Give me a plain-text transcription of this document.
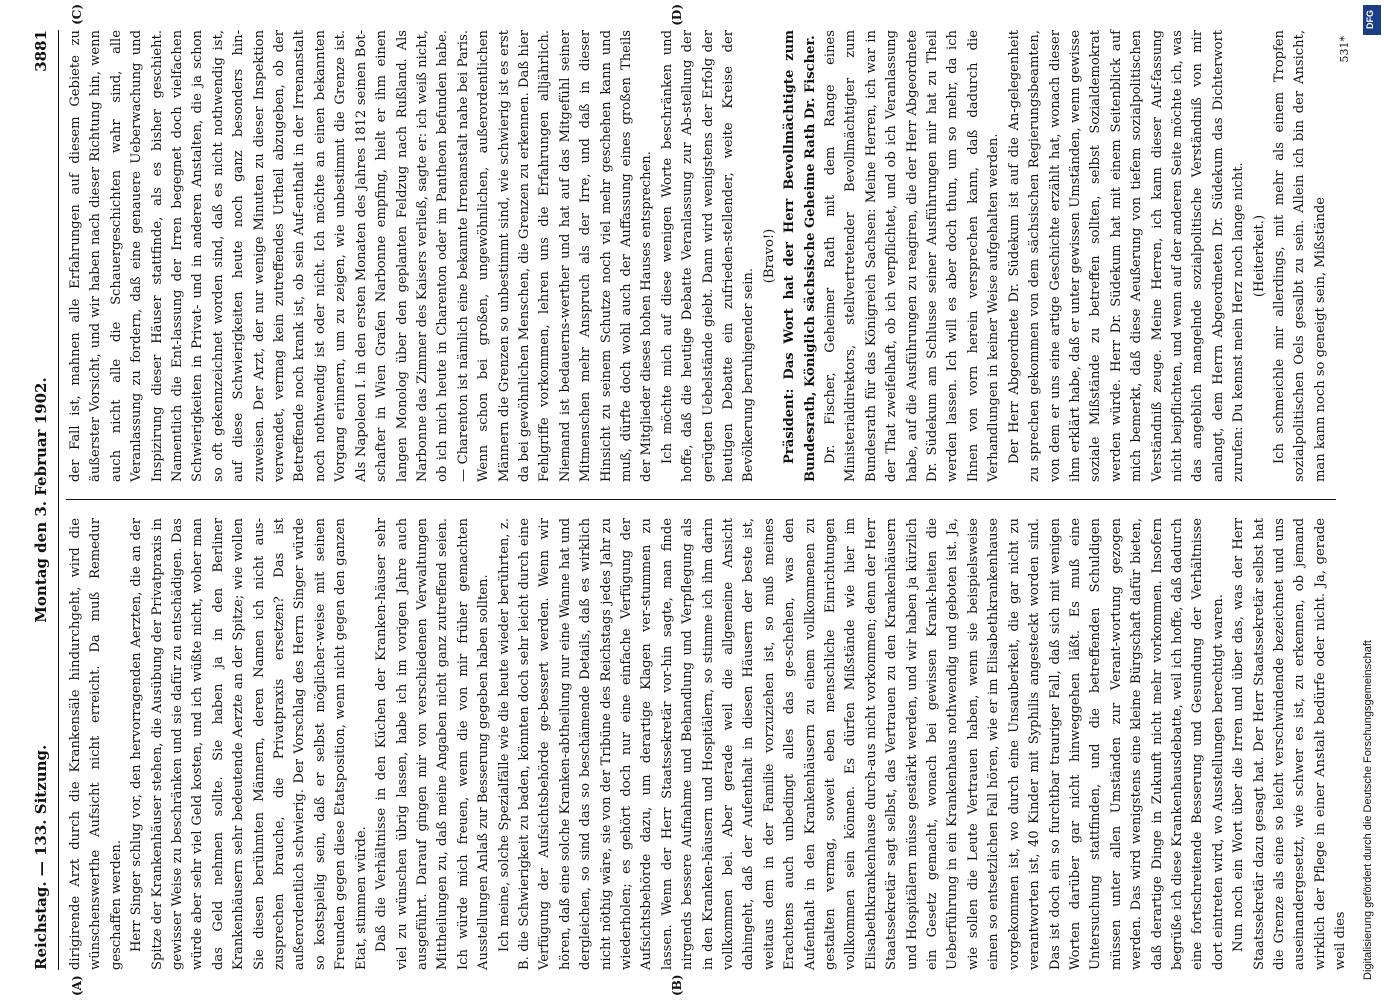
Reichstag. — 133. Sitzung.
Montag den 3. Februar 1902.
3881

dirigirende Arzt durch die Krankensäle hindurchgeht, wird die wünschenswerthe Aufsicht nicht erreicht. Da muß Remedur geschaffen werden. Herr Singer schlug vor, den hervorragenden Aerzten, die an der Spitze der Krankenhäuser stehen, die Ausübung der Privatpraxis in gewisser Weise zu beschränken und sie dafür zu entschädigen. Das würde aber sehr viel Geld kosten, und ich wüßte nicht, woher man das Geld nehmen sollte. Sie haben ja in den Berliner Krankenhäusern sehr bedeutende Aerzte an der Spitze; wie wollen Sie diesen berühmten Männern, deren Namen ich nicht aus-zusprechen brauche, die Privatpraxis ersetzen? Das ist außerordentlich schwierig. Der Vorschlag des Herrn Singer würde so kostspielig sein, daß er selbst möglicher-weise mit seinen Freunden gegen diese Etatsposition, wenn nicht gegen den ganzen Etat, stimmen würde. Daß die Verhältnisse in den Küchen der Kranken-häuser sehr viel zu wünschen übrig lassen, habe ich im vorigen Jahre auch ausgeführt. Darauf gingen mir von verschiedenen Verwaltungen Mittheilungen zu, daß meine Angaben nicht ganz zutreffend seien. Ich würde mich freuen, wenn die von mir früher gemachten Ausstellungen Anlaß zur Besserung gegeben haben sollten. Ich meine, solche Spezialfälle wie die heute wieder berührten, z. B. die Schwierigkeit zu baden, könnten doch sehr leicht durch eine Verfügung der Aufsichtsbehörde ge-bessert werden. Wenn wir hören, daß eine solche Kranken-abtheilung nur eine Wanne hat und dergleichen, so sind das so beschämende Details, daß es wirklich nicht nöthig wäre, sie von der Tribüne des Reichstags jedes Jahr zu wiederholen; es gehört doch nur eine einfache Verfügung der Aufsichtsbehörde dazu, um derartige Klagen ver-stummen zu lassen. Wenn der Herr Staatssekretär vor-hin sagte, man finde nirgends bessere Aufnahme und Behandlung und Verpflegung als in den Kranken-häusern und Hospitälern, so stimme ich ihm darin vollkommen bei. Aber gerade weil die allgemeine Ansicht dahingeht, daß der Aufenthalt in diesen Häusern der beste ist, weitaus dem in der Familie vorzuziehen ist, so muß meines Erachtens auch unbedingt alles das ge-schehen, was den Aufenthalt in den Krankenhäusern zu einem vollkommenen zu gestalten vermag, soweit eben menschliche Einrichtungen vollkommen sein können. Es dürfen Mißstände wie hier im Elisabethkrankenhause durch-aus nicht vorkommen; denn der Herr Staatssekretär sagt selbst, das Vertrauen zu den Krankenhäusern und Hospitälern müsse gestärkt werden, und wir haben ja kürzlich ein Gesetz gemacht, wonach bei gewissen Krank-heiten die Ueberführung in ein Krankenhaus nothwendig und geboten ist. Ja, wie sollen die Leute Vertrauen haben, wenn sie beispielsweise einen so entsetzlichen Fall hören, wie er im Elisabethkrankenhause vorgekommen ist, wo durch eine Unsauberkeit, die gar nicht zu verantworten ist, 40 Kinder mit Syphilis angesteckt worden sind. Das ist doch ein so furchtbar trauriger Fall, daß sich mit wenigen Worten darüber gar nicht hinweggehen läßt. Es muß eine Untersuchung stattfinden, und die betreffenden Schuldigen müssen unter allen Umständen zur Verant-wortung gezogen werden. Das wird wenigstens eine kleine Bürgschaft dafür bieten, daß derartige Dinge in Zukunft nicht mehr vorkommen. Insofern begrüße ich diese Krankenhausdebatte, weil ich hoffe, daß dadurch eine fortschreitende Besserung und Gesundung der Verhältnisse dort eintreten wird, wo Ausstellungen berechtigt waren. Nun noch ein Wort über die Irren und über das, was der Herr Staatssekretär dazu gesagt hat. Der Herr Staatssekretär selbst hat die Grenze als eine so leicht verschwindende bezeichnet und uns auseinandergesetzt, wie schwer es ist, zu erkennen, ob jemand wirklich der Pflege in einer Anstalt bedürfe oder nicht. Ja, gerade weil dies

der Fall ist, mahnen alle Erfahrungen auf diesem Gebiete zu äußerster Vorsicht, und wir haben nach dieser Richtung hin, wenn auch nicht alle die Schauergeschichten wahr sind, alle Veranlassung zu fordern, daß eine genauere Ueberwachung und Inspizirung dieser Häuser stattfinde, als es bisher geschieht. Namentlich die Ent-lassung der Irren begegnet doch vielfachen Schwierigkeiten in Privat- und in anderen Anstalten, die ja schon so oft gekennzeichnet worden sind, daß es nicht nothwendig ist, auf diese Schwierigkeiten heute noch ganz besonders hin-zuweisen. Der Arzt, der nur wenige Minuten zu dieser Inspektion verwendet, vermag kein zutreffendes Urtheil abzugeben, ob der Betreffende noch krank ist, ob sein Auf-enthalt in der Irrenanstalt noch nothwendig ist oder nicht. Ich möchte an einen bekannten Vorgang erinnern, um zu zeigen, wie unbestimmt die Grenze ist. Als Napoleon I. in den ersten Monaten des Jahres 1812 seinen Bot-schafter in Wien Grafen Narbonne empfing, hielt er ihm einen langen Monolog über den geplanten Feldzug nach Rußland. Als Narbonne das Zimmer des Kaisers verließ, sagte er: ich weiß nicht, ob ich mich heute in Charenton oder im Pantheon befunden habe. — Charenton ist nämlich eine bekannte Irrenanstalt nahe bei Paris. Wenn schon bei großen, ungewöhnlichen, außerordentlichen Männern die Grenzen so unbestimmt sind, wie schwierig ist es erst da bei gewöhnlichen Menschen, die Grenzen zu erkennen. Daß hier Fehlgriffe vorkommen, lehren uns die Erfahrungen alljährlich. Niemand ist bedauerns-werther und hat auf das Mitgefühl seiner Mitmenschen mehr Anspruch als der Irre, und daß in dieser Hinsicht zu seinem Schutze noch viel mehr geschehen kann und muß, dürfte doch wohl auch der Auffassung eines großen Theils der Mitglieder dieses hohen Hauses entsprechen. Ich möchte mich auf diese wenigen Worte beschränken und hoffe, daß die heutige Debatte Veranlassung zur Ab-stellung der gerügten Uebelstände giebt. Dann wird wenigstens der Erfolg der heutigen Debatte ein zufrieden-stellender, weite Kreise der Bevölkerung beruhigender sein.

(Bravo!) Präsident: Das Wort hat der Herr Bevollmächtigte zum Bundesrath, Königlich sächsische Geheime Rath Dr. Fischer. Dr. Fischer, Geheimer Rath mit dem Range eines Ministerialdirektors, stellvertretender Bevollmächtigter zum Bundesrath für das Königreich Sachsen: Meine Herren, ich war in der That zweifelhaft, ob ich verpflichtet, und ob ich Veranlassung habe, auf die Ausführungen zu reagiren, die der Herr Abgeordnete Dr. Südekum am Schlusse seiner Ausführungen mir hat zu Theil werden lassen. Ich will es aber doch thun, um so mehr, da ich Ihnen von vorn herein versprechen kann, daß dadurch die Verhandlungen in keiner Weise aufgehalten werden. Der Herr Abgeordnete Dr. Südekum ist auf die An-gelegenheit zu sprechen gekommen von dem sächsischen Regierungsbeamten, von dem er uns eine artige Geschichte erzählt hat, wonach dieser ihm erklärt habe, daß er unter gewissen Umständen, wenn gewisse soziale Mißstände zu betreffen sollten, selbst Sozialdemokrat werden würde. Herr Dr. Südekum hat mit einem Seitenblick auf mich bemerkt, daß diese Aeußerung von tiefem sozialpolitischen Verständniß zeuge. Meine Herren, ich kann dieser Auf-fassung nicht beipflichten, und wenn auf der anderen Seite möchte ich, was das angeblich mangelnde sozialpolitische Verständniß von mir anlangt, dem Herrn Abgeordneten Dr. Südekum das Dichterwort zurufen: Du kennst mein Herz noch lange nicht. (Heiterkeit.) Ich schmeichle mir allerdings, mit mehr als einem Tropfen sozialpolitischen Oels gesalbt zu sein. Allein ich bin der Ansicht, man kann noch so geneigt sein, Mißstände

(A)	(B)
(C)	(D)
531*
Digitalisierung gefördert durch die Deutsche Forschungsgemeinschaft
DFG
